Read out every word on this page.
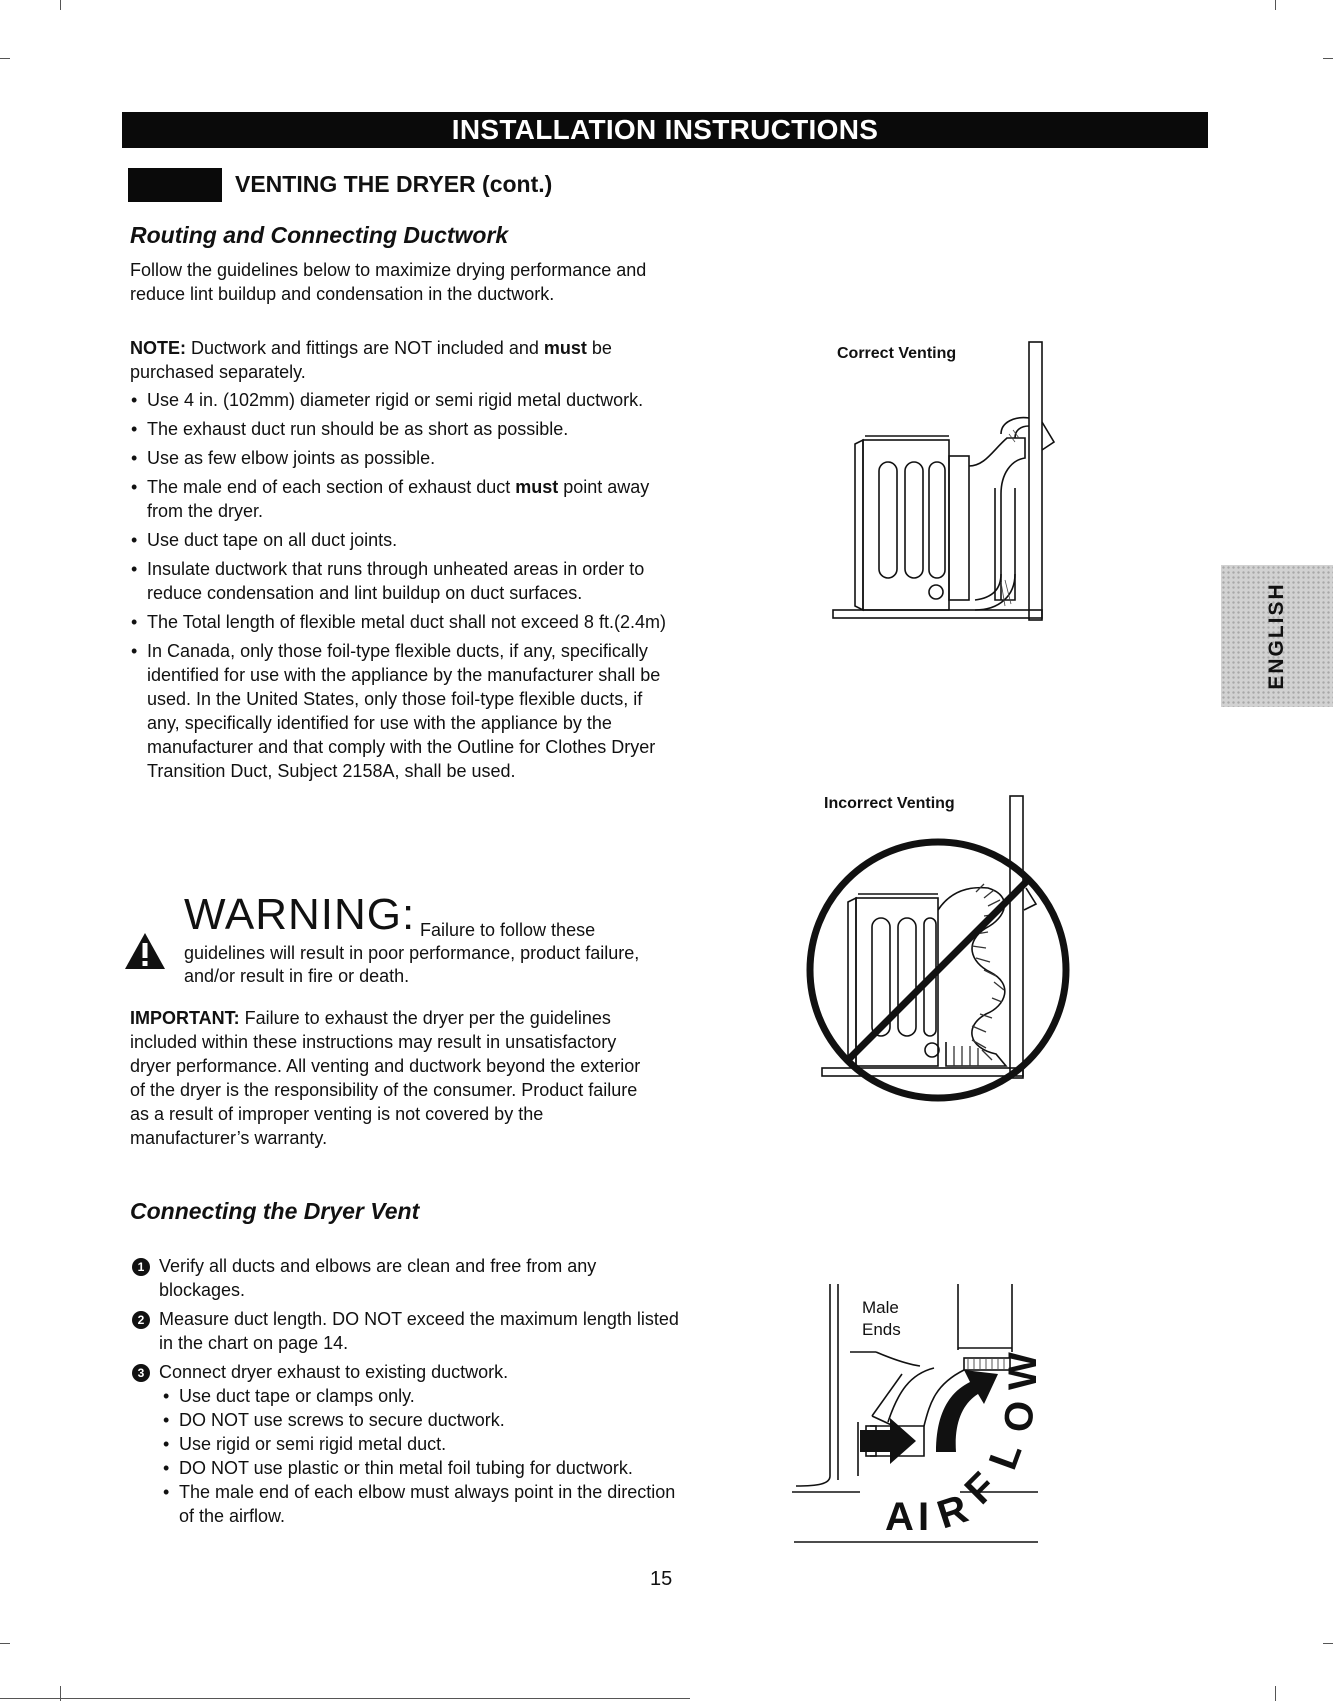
INSTALLATION INSTRUCTIONS
VENTING THE DRYER (cont.)
Routing and Connecting Ductwork
Follow the guidelines below to maximize drying performance and reduce lint buildup and condensation in the ductwork.
NOTE: Ductwork and fittings are NOT included and must be purchased separately.
• Use 4 in. (102mm) diameter rigid or semi rigid metal ductwork.
• The exhaust duct run should be as short as possible.
• Use as few elbow joints as possible.
• The male end of each section of exhaust duct must point away from the dryer.
• Use duct tape on all duct joints.
• Insulate ductwork that runs through unheated areas in order to reduce condensation and lint buildup on duct surfaces.
• The Total length of flexible metal duct shall not exceed 8 ft.(2.4m)
• In Canada, only those foil-type flexible ducts, if any, specifically identified for use with the appliance by the manufacturer shall be used. In the United States, only those foil-type flexible ducts, if any, specifically identified for use with the appliance by the manufacturer and that comply with the Outline for Clothes Dryer Transition Duct, Subject 2158A, shall be used.
WARNING: Failure to follow these
guidelines will result in poor performance, product failure, and/or result in fire or death.
IMPORTANT: Failure to exhaust the dryer per the guidelines included within these instructions may result in unsatisfactory dryer performance. All venting and ductwork beyond the exterior of the dryer is the responsibility of the consumer. Product failure as a result of improper venting is not covered by the manufacturer’s warranty.
Connecting the Dryer Vent
1 Verify all ducts and elbows are clean and free from any blockages.
2 Measure duct length. DO NOT exceed the maximum length listed in the chart on page 14.
3 Connect dryer exhaust to existing ductwork.
• Use duct tape or clamps only.
• DO NOT use screws to secure ductwork.
• Use rigid or semi rigid metal duct.
• DO NOT use plastic or thin metal foil tubing for ductwork.
• The male end of each elbow must always point in the direction of the airflow.
Correct Venting
Incorrect Venting
Male
Ends
A I R
F
L
O
W
ENGLISH
15
